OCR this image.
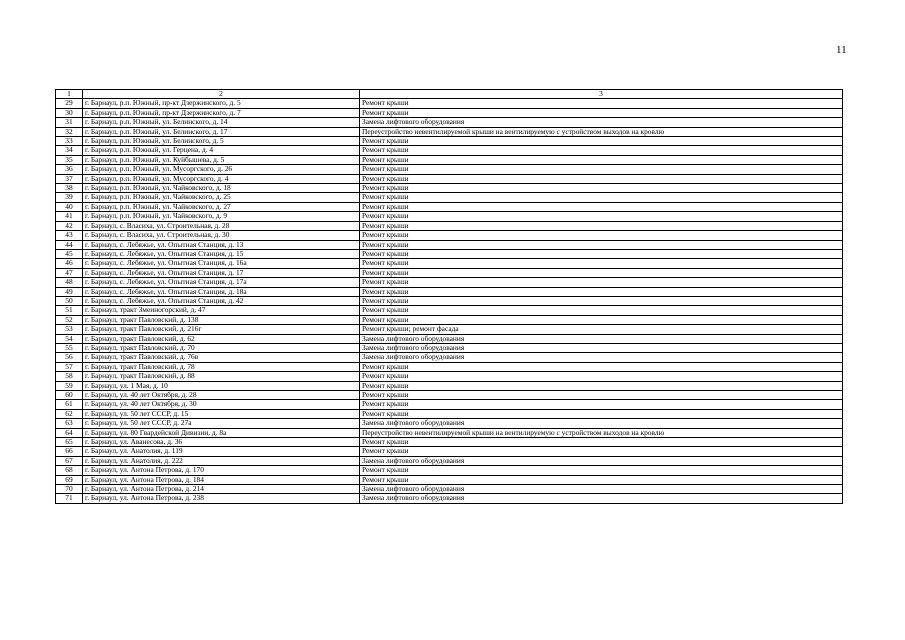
11
1	2	3
29	г. Барнаул, р.п. Южный, пр-кт Дзержинского, д. 5	Ремонт крыши
30	г. Барнаул, р.п. Южный, пр-кт Дзержинского, д. 7	Ремонт крыши
31	г. Барнаул, р.п. Южный, ул. Белинского, д. 14	Замена лифтового оборудования
32	г. Барнаул, р.п. Южный, ул. Белинского, д. 17	Переустройство невентилируемой крыши на вентилируемую с устройством выходов на кровлю
33	г. Барнаул, р.п. Южный, ул. Белинского, д. 5	Ремонт крыши
34	г. Барнаул, р.п. Южный, ул. Герцена, д. 4	Ремонт крыши
35	г. Барнаул, р.п. Южный, ул. Куйбышева, д. 5	Ремонт крыши
36	г. Барнаул, р.п. Южный, ул. Мусоргского, д. 26	Ремонт крыши
37	г. Барнаул, р.п. Южный, ул. Мусоргского, д. 4	Ремонт крыши
38	г. Барнаул, р.п. Южный, ул. Чайковского, д. 18	Ремонт крыши
39	г. Барнаул, р.п. Южный, ул. Чайковского, д. 25	Ремонт крыши
40	г. Барнаул, р.п. Южный, ул. Чайковского, д. 27	Ремонт крыши
41	г. Барнаул, р.п. Южный, ул. Чайковского, д. 9	Ремонт крыши
42	г. Барнаул, с. Власиха, ул. Строительная, д. 28	Ремонт крыши
43	г. Барнаул, с. Власиха, ул. Строительная, д. 30	Ремонт крыши
44	г. Барнаул, с. Лебяжье, ул. Опытная Станция, д. 13	Ремонт крыши
45	г. Барнаул, с. Лебяжье, ул. Опытная Станция, д. 15	Ремонт крыши
46	г. Барнаул, с. Лебяжье, ул. Опытная Станция, д. 16а	Ремонт крыши
47	г. Барнаул, с. Лебяжье, ул. Опытная Станция, д. 17	Ремонт крыши
48	г. Барнаул, с. Лебяжье, ул. Опытная Станция, д. 17а	Ремонт крыши
49	г. Барнаул, с. Лебяжье, ул. Опытная Станция, д. 18а	Ремонт крыши
50	г. Барнаул, с. Лебяжье, ул. Опытная Станция, д. 42	Ремонт крыши
51	г. Барнаул, тракт Змеиногорский, д. 47	Ремонт крыши
52	г. Барнаул, тракт Павловский, д. 138	Ремонт крыши
53	г. Барнаул, тракт Павловский, д. 216г	Ремонт крыши; ремонт фасада
54	г. Барнаул, тракт Павловский, д. 62	Замена лифтового оборудования
55	г. Барнаул, тракт Павловский, д. 70	Замена лифтового оборудования
56	г. Барнаул, тракт Павловский, д. 76в	Замена лифтового оборудования
57	г. Барнаул, тракт Павловский, д. 78	Ремонт крыши
58	г. Барнаул, тракт Павловский, д. 88	Ремонт крыши
59	г. Барнаул, ул. 1 Мая, д. 10	Ремонт крыши
60	г. Барнаул, ул. 40 лет Октября, д. 28	Ремонт крыши
61	г. Барнаул, ул. 40 лет Октября, д. 30	Ремонт крыши
62	г. Барнаул, ул. 50 лет СССР, д. 15	Ремонт крыши
63	г. Барнаул, ул. 50 лет СССР, д. 27а	Замена лифтового оборудования
64	г. Барнаул, ул. 80 Гвардейской Дивизии, д. 8а	Переустройство невентилируемой крыши на вентилируемую с устройством выходов на кровлю
65	г. Барнаул, ул. Аванесова, д. 36	Ремонт крыши
66	г. Барнаул, ул. Анатолия, д. 119	Ремонт крыши
67	г. Барнаул, ул. Анатолия, д. 222	Замена лифтового оборудования
68	г. Барнаул, ул. Антона Петрова, д. 170	Ремонт крыши
69	г. Барнаул, ул. Антона Петрова, д. 184	Ремонт крыши
70	г. Барнаул, ул. Антона Петрова, д. 214	Замена лифтового оборудования
71	г. Барнаул, ул. Антона Петрова, д. 238	Замена лифтового оборудования
